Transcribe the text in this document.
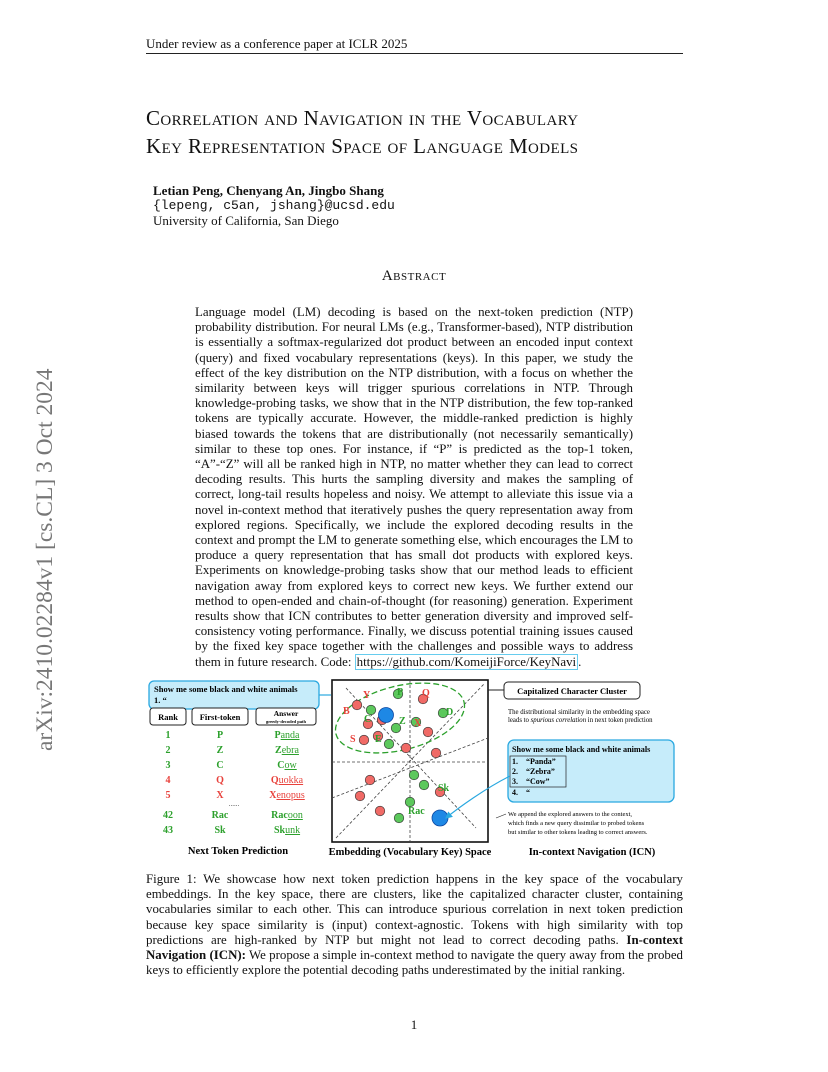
Under review as a conference paper at ICLR 2025
arXiv:2410.02284v1 [cs.CL] 3 Oct 2024
Correlation and Navigation in the Vocabulary
Key Representation Space of Language Models
Letian Peng, Chenyang An, Jingbo Shang
{lepeng, c5an, jshang}@ucsd.edu
University of California, San Diego
Abstract
Language model (LM) decoding is based on the next-token prediction (NTP) probability distribution. For neural LMs (e.g., Transformer-based), NTP distribution is essentially a softmax-regularized dot product between an encoded input context (query) and fixed vocabulary representations (keys). In this paper, we study the effect of the key distribution on the NTP distribution, with a focus on whether the similarity between keys will trigger spurious correlations in NTP. Through knowledge-probing tasks, we show that in the NTP distribution, the few top-ranked tokens are typically accurate. However, the middle-ranked prediction is highly biased towards the tokens that are distributionally (not necessarily semantically) similar to these top ones. For instance, if “P” is predicted as the top-1 token, “A”-“Z” will all be ranked high in NTP, no matter whether they can lead to correct decoding results. This hurts the sampling diversity and makes the sampling of correct, long-tail results hopeless and noisy. We attempt to alleviate this issue via a novel in-context method that iteratively pushes the query representation away from explored regions. Specifically, we include the explored decoding results in the context and prompt the LM to generate something else, which encourages the LM to produce a query representation that has small dot products with explored keys. Experiments on knowledge-probing tasks show that our method leads to efficient navigation away from explored keys to correct new keys. We further extend our method to open-ended and chain-of-thought (for reasoning) generation. Experiment results show that ICN contributes to better generation diversity and improved self-consistency voting performance. Finally, we discuss potential training issues caused by the fixed key space together with the challenges and possible ways to address them in future research. Code: https://github.com/KomeijiForce/KeyNavi .
Show me some black and white animals
1. “
Rank	First-token	Answer
greedy-decoded path
1	P	Panda
2	Z	Zebra
3	C	Cow
4	Q	Quokka
5	X	Xenopus
42	Rac	Racoon
43	Sk	Skunk
......
Next Token Prediction
B
Y	P Q
D
C	Z X
S E
Rac
Sk
Embedding (Vocabulary Key) Space
Capitalized Character Cluster
The distributional similarity in the embedding space
leads to spurious correlation in next token prediction
Show me some black and white animals
1.    “Panda”
2.    “Zebra”
3.    “Cow”
4.    “
We append the explored answers to the context,
which finds a new query dissimilar to probed tokens
but similar to other tokens leading to correct answers.
In-context Navigation (ICN)
Figure 1: We showcase how next token prediction happens in the key space of the vocabulary embeddings. In the key space, there are clusters, like the capitalized character cluster, containing vocabularies similar to each other. This can introduce spurious correlation in next token prediction because key space similarity is (input) context-agnostic. Tokens with high similarity with top predictions are high-ranked by NTP but might not lead to correct decoding paths. In-context Navigation (ICN): We propose a simple in-context method to navigate the query away from the probed keys to efficiently explore the potential decoding paths underestimated by the initial ranking.
1
